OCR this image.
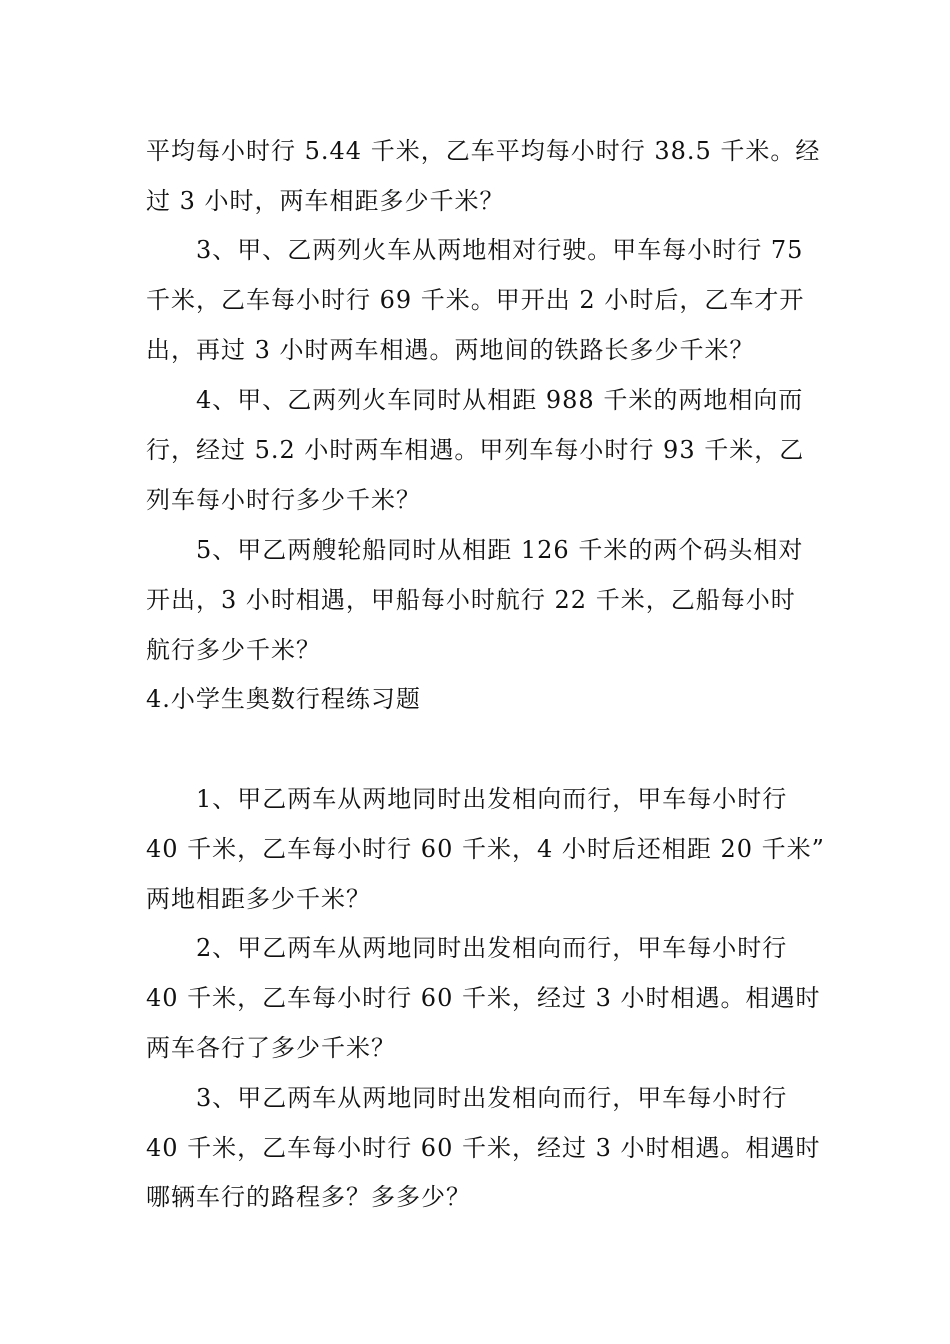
平均每小时行 5.44 千米，乙车平均每小时行 38.5 千米。经
过 3 小时，两车相距多少千米？
3、甲、乙两列火车从两地相对行驶。甲车每小时行 75
千米，乙车每小时行 69 千米。甲开出 2 小时后，乙车才开
出，再过 3 小时两车相遇。两地间的铁路长多少千米？
4、甲、乙两列火车同时从相距 988 千米的两地相向而
行，经过 5.2 小时两车相遇。甲列车每小时行 93 千米，乙
列车每小时行多少千米？
5、甲乙两艘轮船同时从相距 126 千米的两个码头相对
开出，3 小时相遇，甲船每小时航行 22 千米，乙船每小时
航行多少千米？
4.小学生奥数行程练习题
1、甲乙两车从两地同时出发相向而行，甲车每小时行
40 千米，乙车每小时行 60 千米，4 小时后还相距 20 千米”
两地相距多少千米？
2、甲乙两车从两地同时出发相向而行，甲车每小时行
40 千米，乙车每小时行 60 千米，经过 3 小时相遇。相遇时
两车各行了多少千米？
3、甲乙两车从两地同时出发相向而行，甲车每小时行
40 千米，乙车每小时行 60 千米，经过 3 小时相遇。相遇时
哪辆车行的路程多？多多少？
